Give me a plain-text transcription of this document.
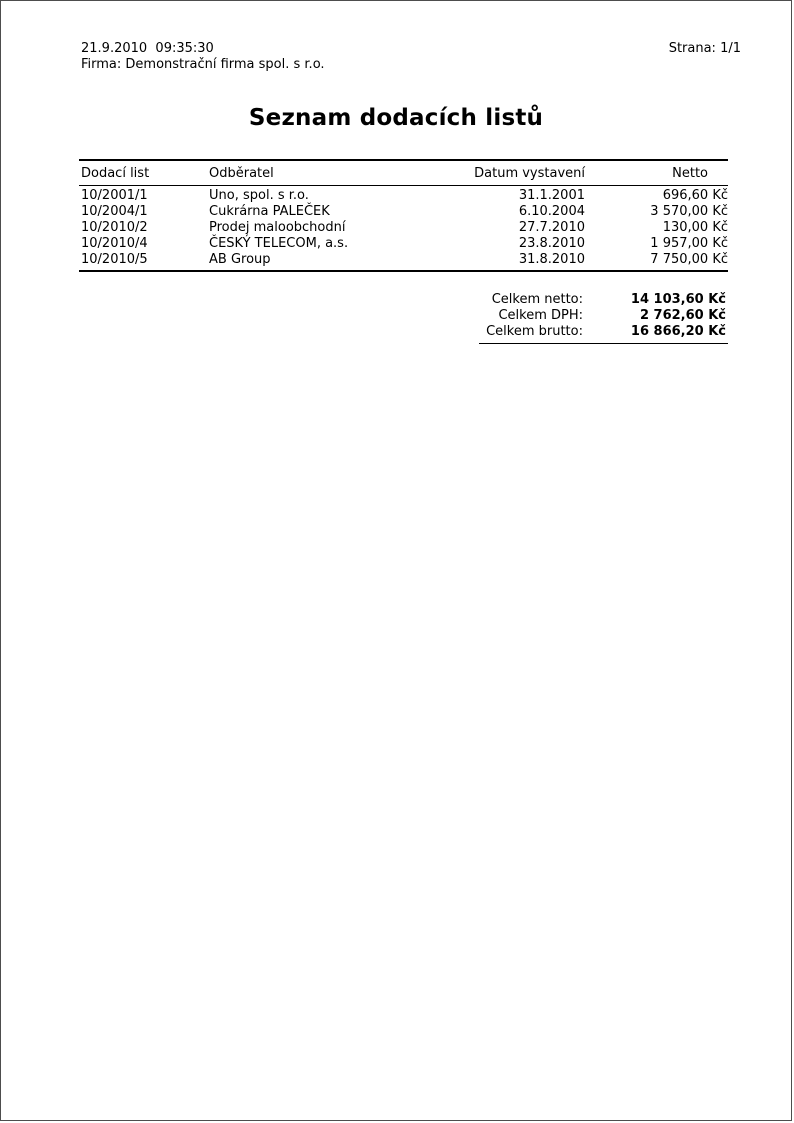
21.9.2010  09:35:30
Firma: Demonstrační firma spol. s r.o.
Strana: 1/1
Seznam dodacích listů
Dodací list	Odběratel	Datum vystavení	Netto
10/2001/1	Uno, spol. s r.o.	31.1.2001	696,60 Kč
10/2004/1	Cukrárna PALEČEK	6.10.2004	3 570,00 Kč
10/2010/2	Prodej maloobchodní	27.7.2010	130,00 Kč
10/2010/4	ČESKÝ TELECOM, a.s.	23.8.2010	1 957,00 Kč
10/2010/5	AB Group	31.8.2010	7 750,00 Kč
Celkem netto:	14 103,60 Kč
Celkem DPH:	2 762,60 Kč
Celkem brutto:	16 866,20 Kč
